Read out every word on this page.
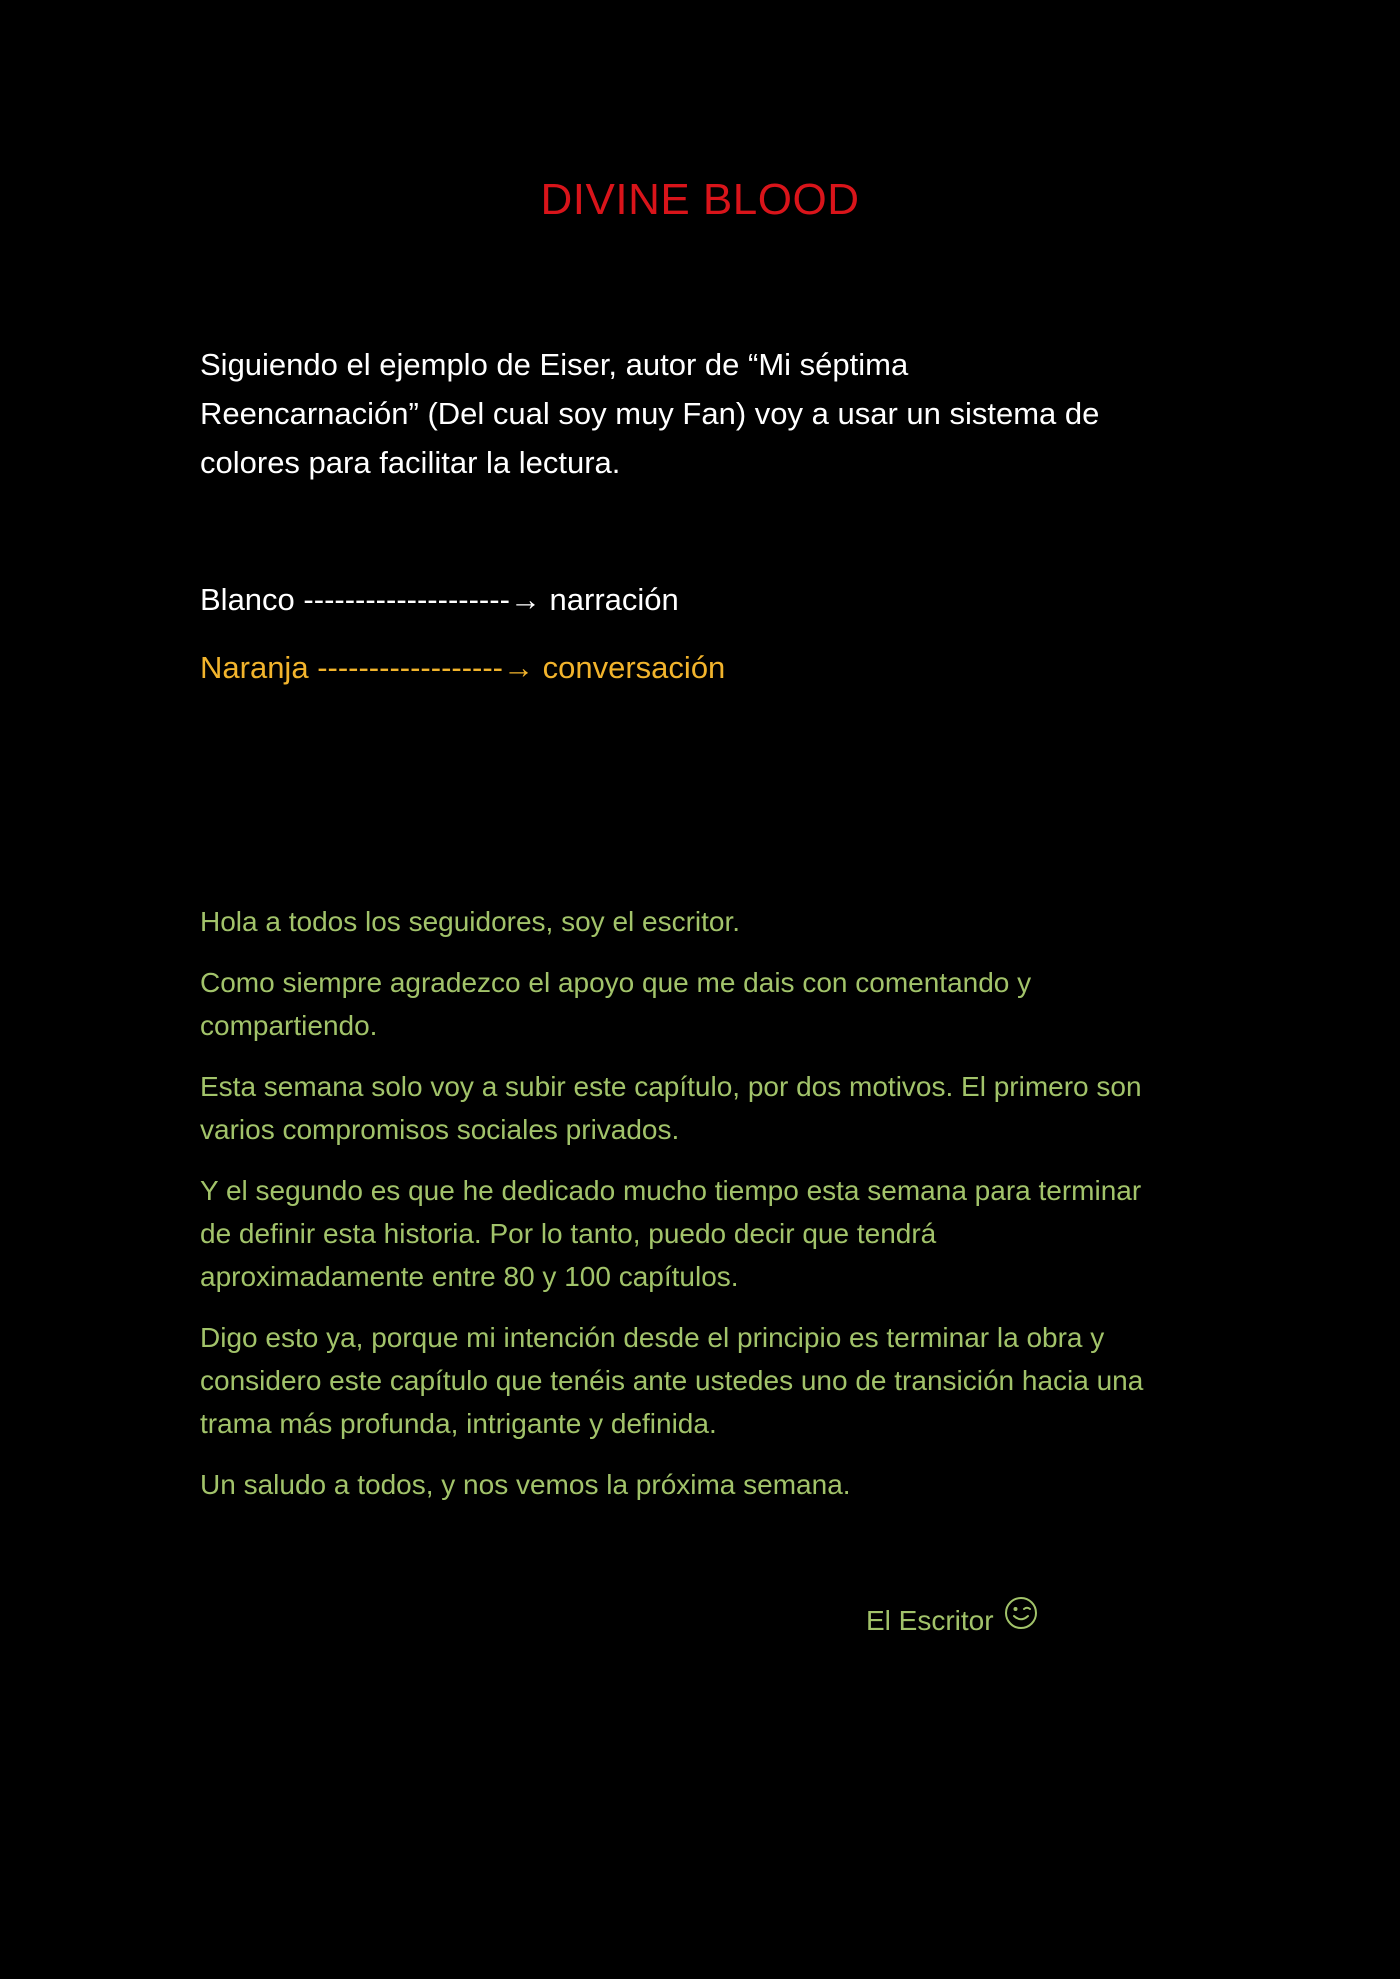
DIVINE BLOOD
Siguiendo el ejemplo de Eiser, autor de “Mi séptima
Reencarnación” (Del cual soy muy Fan) voy a usar un sistema de
colores para facilitar la lectura.
Blanco --------------------→ narración
Naranja ------------------→ conversación

Hola a todos los seguidores, soy el escritor.

Como siempre agradezco el apoyo que me dais con comentando y compartiendo.

Esta semana solo voy a subir este capítulo, por dos motivos. El primero son varios compromisos sociales privados.

Y el segundo es que he dedicado mucho tiempo esta semana para terminar de definir esta historia. Por lo tanto, puedo decir que tendrá aproximadamente entre 80 y 100 capítulos.

Digo esto ya, porque mi intención desde el principio es terminar la obra y considero este capítulo que tenéis ante ustedes uno de transición hacia una trama más profunda, intrigante y definida.

Un saludo a todos, y nos vemos la próxima semana.

El Escritor
